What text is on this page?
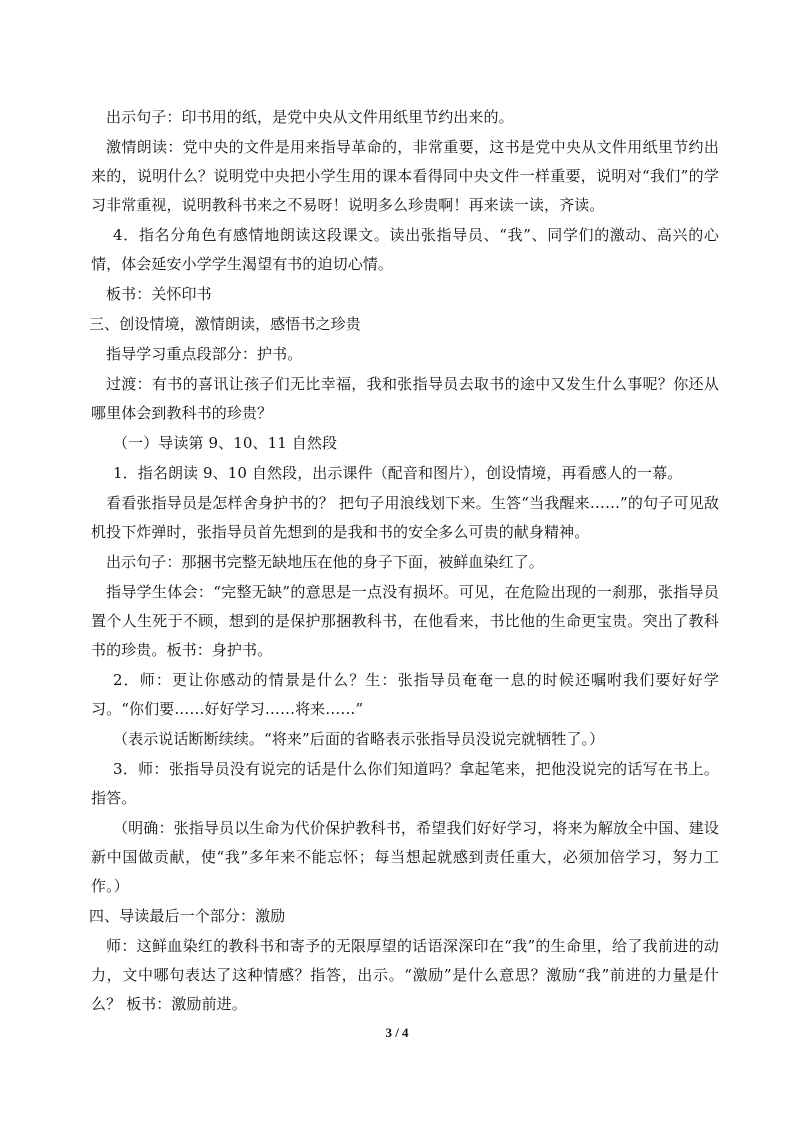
出示句子：印书用的纸，是党中央从文件用纸里节约出来的。

激情朗读：党中央的文件是用来指导革命的，非常重要，这书是党中央从文件用纸里节约出来的，说明什么？说明党中央把小学生用的课本看得同中央文件一样重要，说明对“我们”的学习非常重视，说明教科书来之不易呀！说明多么珍贵啊！再来读一读，齐读。

4．指名分角色有感情地朗读这段课文。读出张指导员、“我”、同学们的激动、高兴的心情，体会延安小学学生渴望有书的迫切心情。

板书：关怀印书

三、创设情境，激情朗读，感悟书之珍贵

指导学习重点段部分：护书。

过渡：有书的喜讯让孩子们无比幸福，我和张指导员去取书的途中又发生什么事呢？你还从哪里体会到教科书的珍贵？

（一）导读第 9、10、11 自然段

1．指名朗读 9、10 自然段，出示课件（配音和图片），创设情境，再看感人的一幕。

看看张指导员是怎样舍身护书的？ 把句子用浪线划下来。生答“当我醒来……”的句子可见敌机投下炸弹时，张指导员首先想到的是我和书的安全多么可贵的献身精神。

出示句子：那捆书完整无缺地压在他的身子下面，被鲜血染红了。

指导学生体会：“完整无缺”的意思是一点没有损坏。可见，在危险出现的一刹那，张指导员置个人生死于不顾，想到的是保护那捆教科书，在他看来，书比他的生命更宝贵。突出了教科书的珍贵。板书：身护书。

2．师：更让你感动的情景是什么？生：张指导员奄奄一息的时候还嘱咐我们要好好学习。“你们要……好好学习……将来……”

（表示说话断断续续。“将来”后面的省略表示张指导员没说完就牺牲了。）

3．师：张指导员没有说完的话是什么你们知道吗？拿起笔来，把他没说完的话写在书上。指答。

（明确：张指导员以生命为代价保护教科书，希望我们好好学习，将来为解放全中国、建设新中国做贡献，使“我”多年来不能忘怀；每当想起就感到责任重大，必须加倍学习，努力工作。）

四、导读最后一个部分：激励

师：这鲜血染红的教科书和寄予的无限厚望的话语深深印在“我”的生命里，给了我前进的动力，文中哪句表达了这种情感？指答，出示。“激励”是什么意思？激励“我”前进的力量是什么？ 板书：激励前进。

3 / 4
